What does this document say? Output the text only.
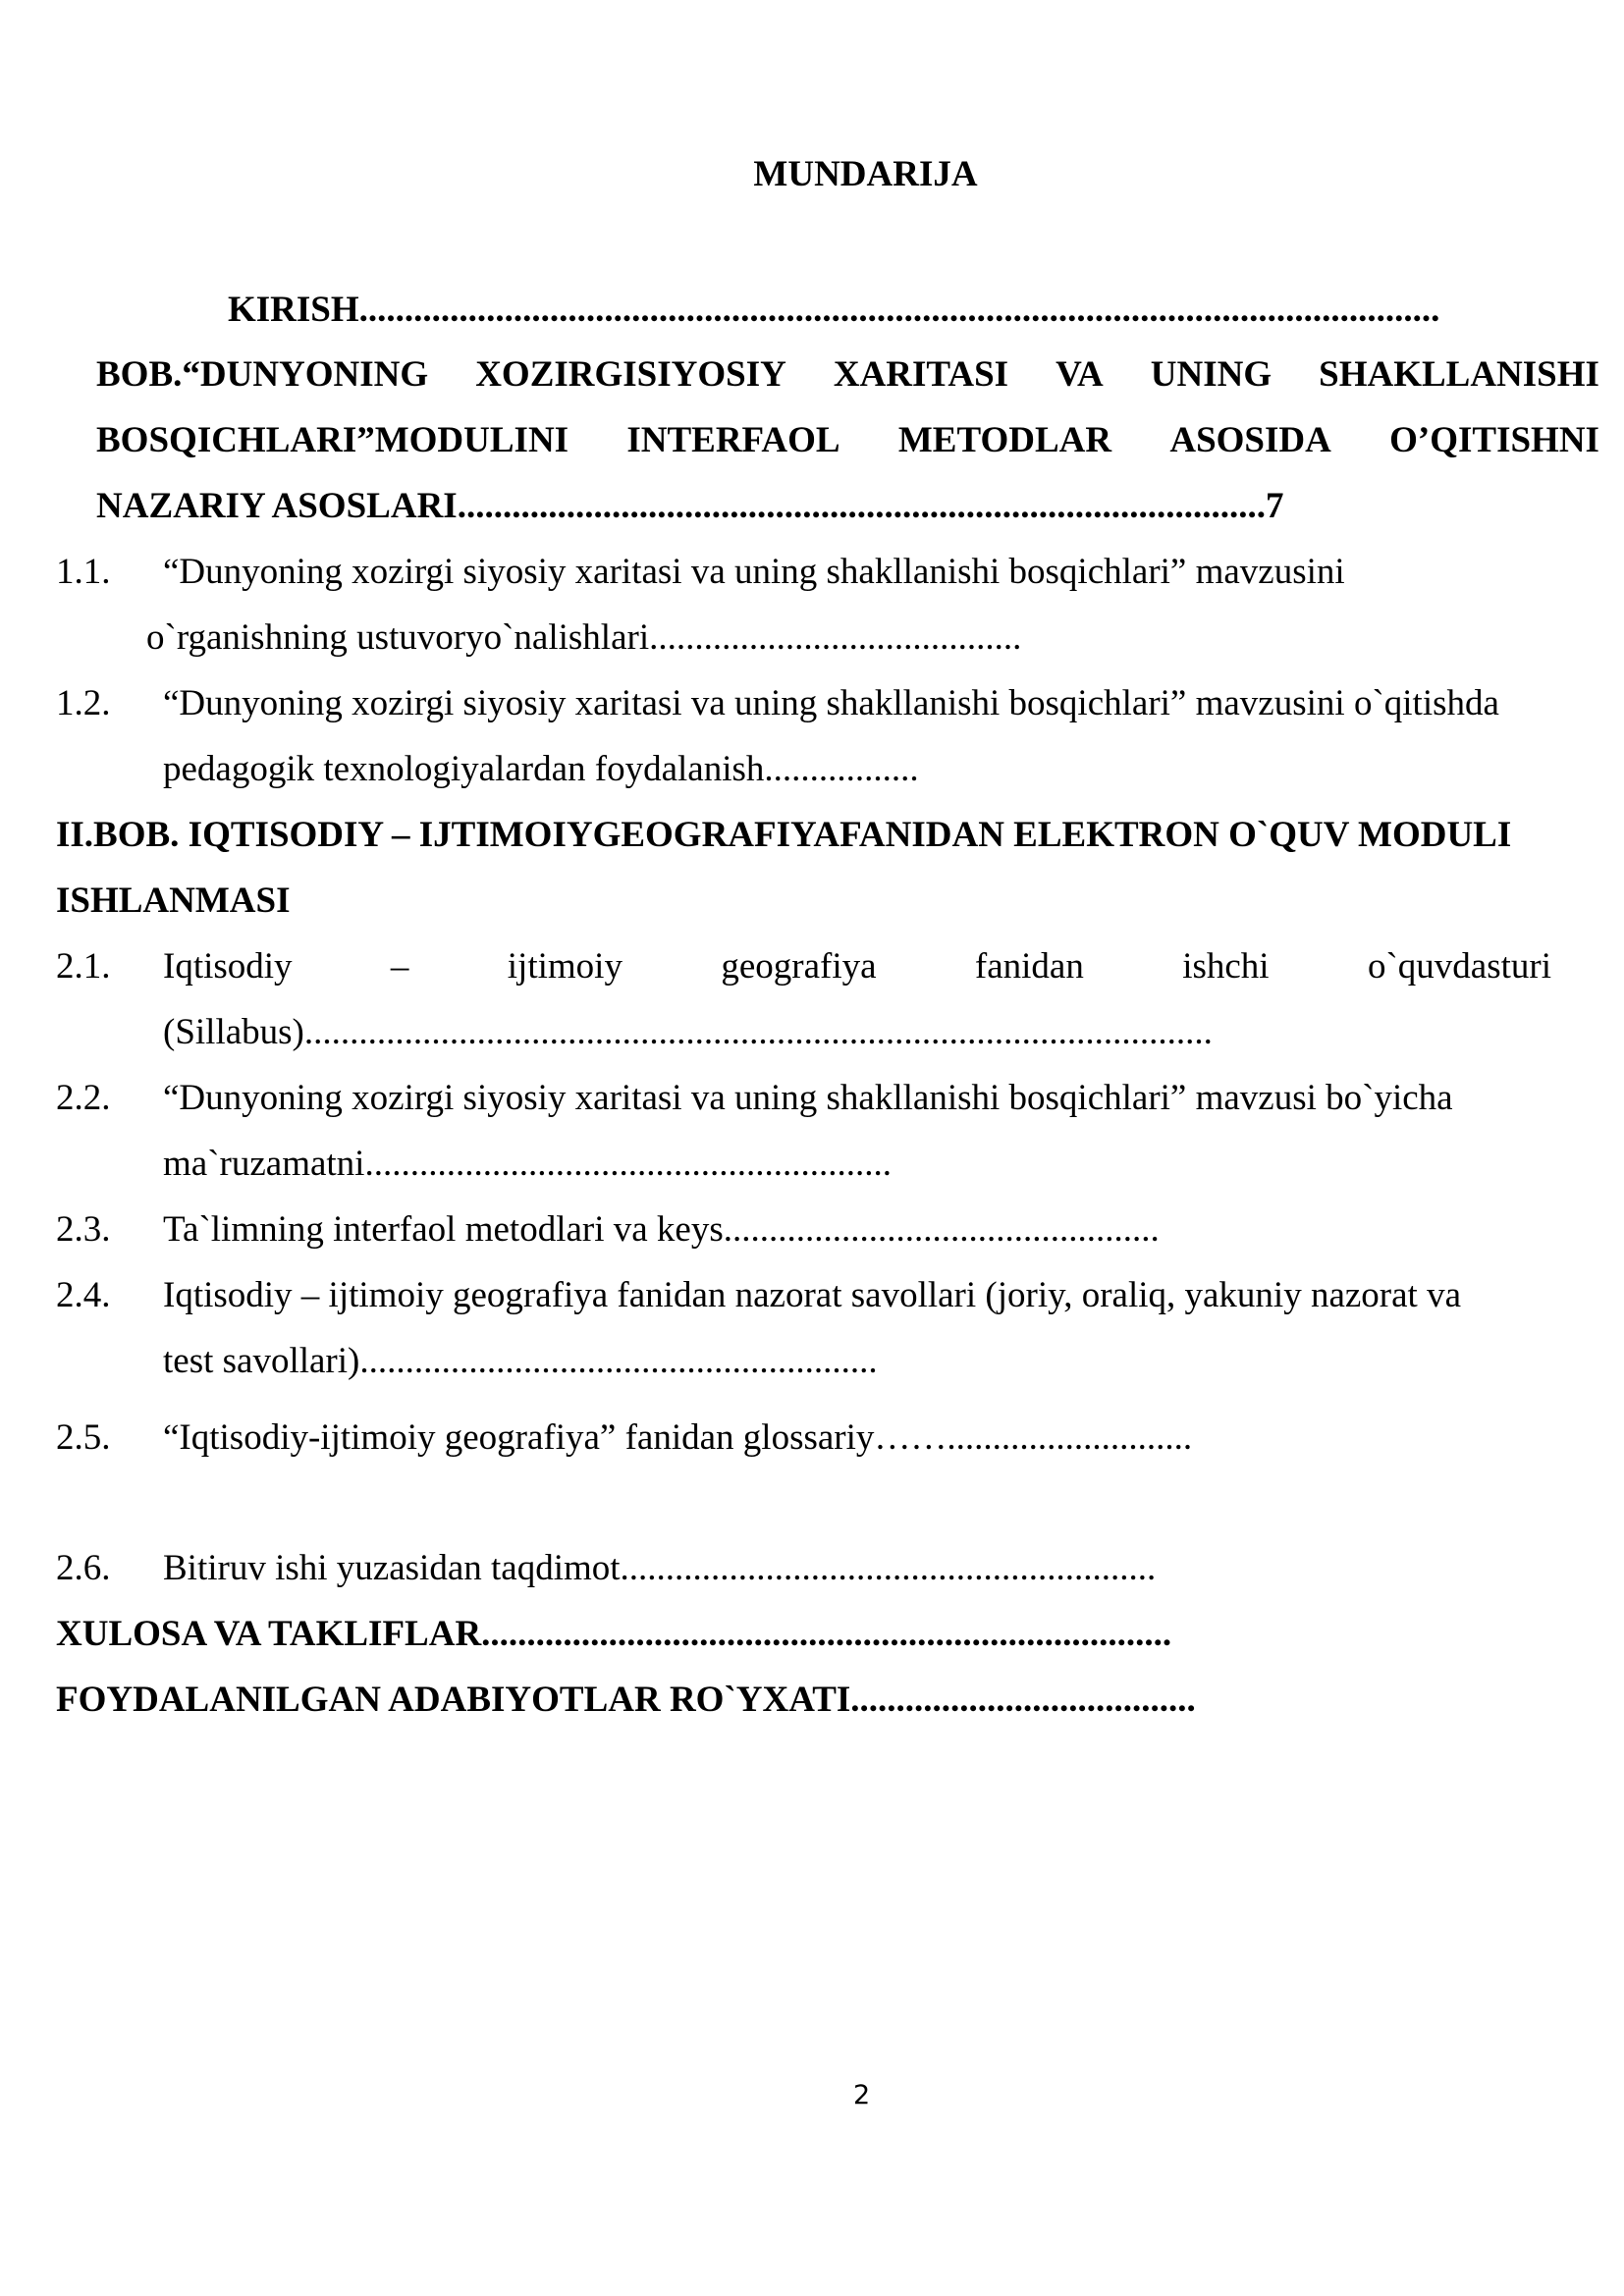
MUNDARIJA
KIRISH.......................................................................................................................
BOB.“DUNYONING XOZIRGISIYOSIY XARITASI VA UNING SHAKLLANISHI
BOSQICHLARI”MODULINI INTERFAOL METODLAR ASOSIDA O’QITISHNI
NAZARIY ASOSLARI.........................................................................................7
1.1. “Dunyoning xozirgi siyosiy xaritasi va uning shakllanishi bosqichlari” mavzusini
o`rganishning ustuvoryo`nalishlari.........................................
1.2. “Dunyoning xozirgi siyosiy xaritasi va uning shakllanishi bosqichlari” mavzusini o`qitishda
pedagogik texnologiyalardan foydalanish.................
II.BOB. IQTISODIY – IJTIMOIYGEOGRAFIYAFANIDAN ELEKTRON O`QUV MODULI
ISHLANMASI
2.1. Iqtisodiy	–	ijtimoiy	geografiya	fanidan	ishchi	o`quvdasturi
(Sillabus)....................................................................................................
2.2. “Dunyoning xozirgi siyosiy xaritasi va uning shakllanishi bosqichlari” mavzusi bo`yicha
ma`ruzamatni..........................................................
2.3. Ta`limning interfaol metodlari va keys................................................
2.4. Iqtisodiy – ijtimoiy geografiya fanidan nazorat savollari (joriy, oraliq, yakuniy nazorat va
test savollari).........................................................
2.5. “Iqtisodiy-ijtimoiy geografiya” fanidan glossariy……...........................
2.6. Bitiruv ishi yuzasidan taqdimot...........................................................
XULOSA VA TAKLIFLAR............................................................................
FOYDALANILGAN ADABIYOTLAR RO`YXATI......................................
2
